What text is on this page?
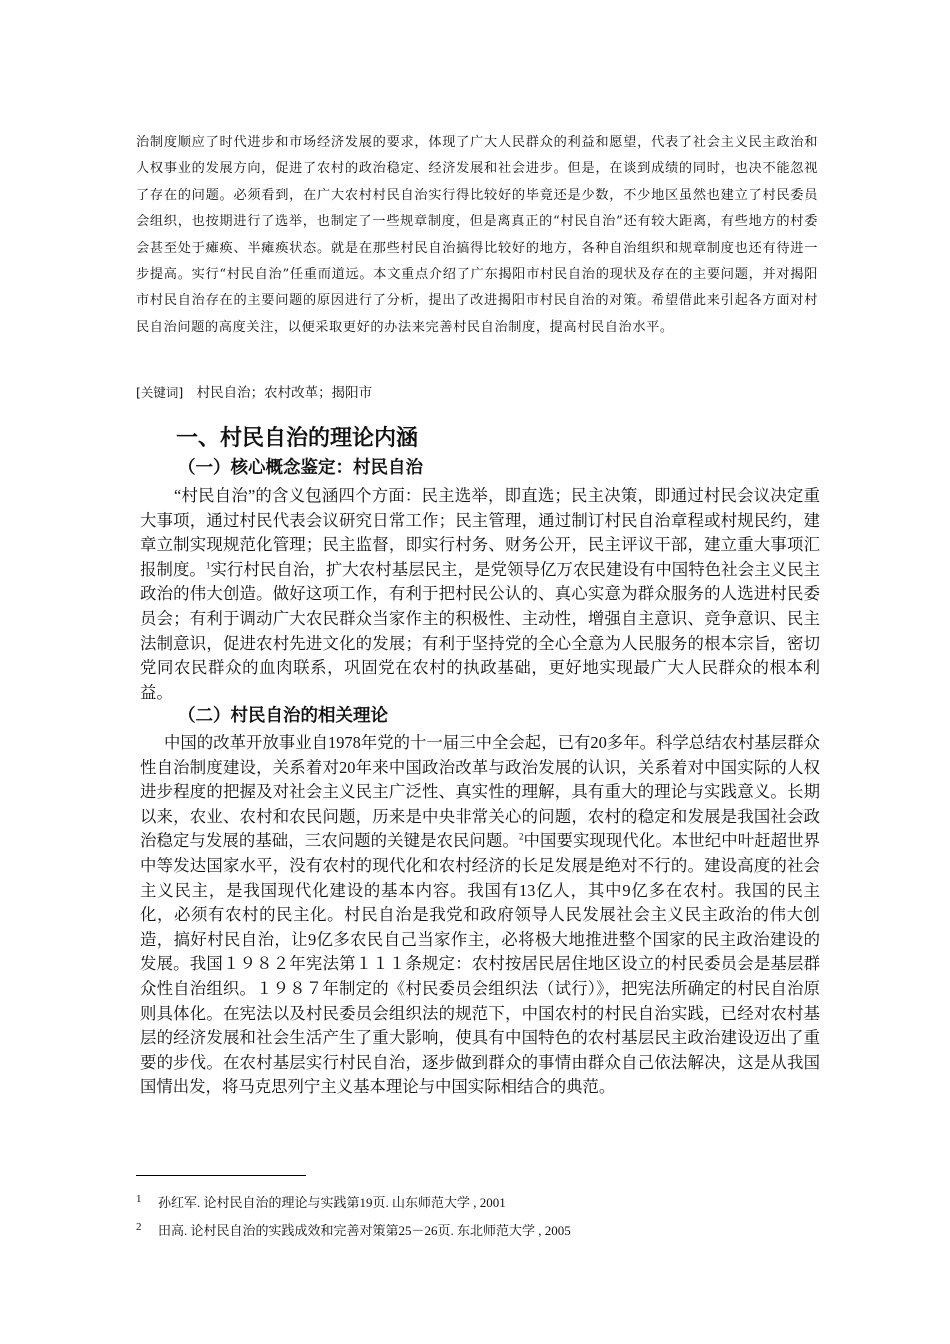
治制度顺应了时代进步和市场经济发展的要求，体现了广大人民群众的利益和愿望，代表了社会主义民主政治和人权事业的发展方向，促进了农村的政治稳定、经济发展和社会进步。但是，在谈到成绩的同时，也决不能忽视了存在的问题。必须看到，在广大农村村民自治实行得比较好的毕竟还是少数，不少地区虽然也建立了村民委员会组织，也按期进行了选举，也制定了一些规章制度，但是离真正的“村民自治”还有较大距离，有些地方的村委会甚至处于瘫痪、半瘫痪状态。就是在那些村民自治搞得比较好的地方，各种自治组织和规章制度也还有待进一步提高。实行“村民自治”任重而道远。本文重点介绍了广东揭阳市村民自治的现状及存在的主要问题，并对揭阳市村民自治存在的主要问题的原因进行了分析，提出了改进揭阳市村民自治的对策。希望借此来引起各方面对村民自治问题的高度关注，以便采取更好的办法来完善村民自治制度，提高村民自治水平。
[关键词] 村民自治；农村改革；揭阳市
一、村民自治的理论内涵
（一）核心概念鉴定：村民自治

“村民自治”的含义包涵四个方面：民主选举，即直选；民主决策，即通过村民会议决定重大事项，通过村民代表会议研究日常工作；民主管理，通过制订村民自治章程或村规民约，建章立制实现规范化管理；民主监督，即实行村务、财务公开，民主评议干部，建立重大事项汇报制度。$^1$实行村民自治，扩大农村基层民主，是党领导亿万农民建设有中国特色社会主义民主政治的伟大创造。做好这项工作，有利于把村民公认的、真心实意为群众服务的人选进村民委员会；有利于调动广大农民群众当家作主的积极性、主动性，增强自主意识、竞争意识、民主法制意识，促进农村先进文化的发展；有利于坚持党的全心全意为人民服务的根本宗旨，密切党同农民群众的血肉联系，巩固党在农村的执政基础，更好地实现最广大人民群众的根本利益。

（二）村民自治的相关理论

中国的改革开放事业自1978年党的十一届三中全会起，已有20多年。科学总结农村基层群众性自治制度建设，关系着对20年来中国政治改革与政治发展的认识，关系着对中国实际的人权进步程度的把握及对社会主义民主广泛性、真实性的理解，具有重大的理论与实践意义。长期以来，农业、农村和农民问题，历来是中央非常关心的问题，农村的稳定和发展是我国社会政治稳定与发展的基础，三农问题的关键是农民问题。$^2$中国要实现现代化。本世纪中叶赶超世界中等发达国家水平，没有农村的现代化和农村经济的长足发展是绝对不行的。建设高度的社会主义民主，是我国现代化建设的基本内容。我国有13亿人，其中9亿多在农村。我国的民主化，必须有农村的民主化。村民自治是我党和政府领导人民发展社会主义民主政治的伟大创造，搞好村民自治，让9亿多农民自己当家作主，必将极大地推进整个国家的民主政治建设的发展。我国１９８２年宪法第１１１条规定：农村按居民居住地区设立的村民委员会是基层群众性自治组织。１９８７年制定的《村民委员会组织法（试行）》，把宪法所确定的村民自治原则具体化。在宪法以及村民委员会组织法的规范下，中国农村的村民自治实践，已经对农村基层的经济发展和社会生活产生了重大影响，使具有中国特色的农村基层民主政治建设迈出了重要的步伐。在农村基层实行村民自治，逐步做到群众的事情由群众自己依法解决，这是从我国国情出发，将马克思列宁主义基本理论与中国实际相结合的典范。

1 孙红军. 论村民自治的理论与实践第19页. 山东师范大学 , 2001
2 田高. 论村民自治的实践成效和完善对策第25－26页. 东北师范大学 , 2005
